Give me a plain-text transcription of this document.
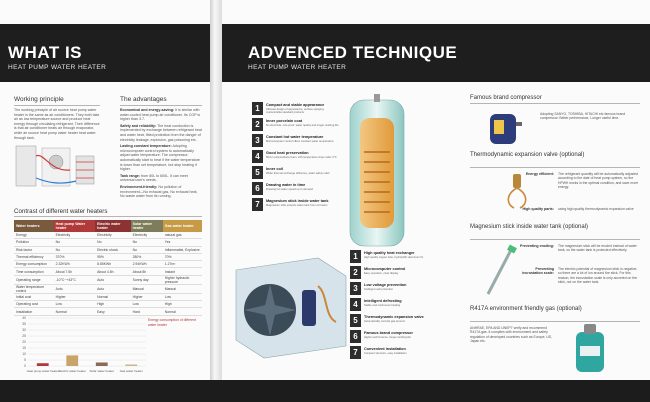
WHAT IS
HEAT PUMP WATER HEATER
Working principle
The working principle of air source heat pump water heater is the same as air conditioners. They both take air as low temperature source and produce heat energy through circulating refrigerant. Their difference is that air conditioner heats air through evaporator, while air source heat pump water heater heat water through tank.
The advantages
Economical and energy-saving: It is similar with water-cooled heat pump air conditioner. Its COP is higher than 3.7.
Safety and reliability: The heat conduction is implemented by exchange between refrigerant heat and water heat, fitted protection from the danger of electricity leakage, explosion, gas poisoning etc.
Lasting constant temperature: Adopting microcomputer control system to automatically adjust water temperature. The compressor automatically start to heat if the water temperature is lower than set temperature, but stop heating if higher.
Tank range: from 80L to 600L. It can meet universal user's needs.
Environment-friendly: No pollution of environment—No exhaust gas, No exhaust heat, No waste water from its running.
Contrast of different water heaters
Water heaters	Heat pump Water heater	Electric water heater	Solar water heater	Gas water heater
Energy	Electricity	Electricity	Electricity	natural gas
Pollution	No	No	No	Yes
Risk factor	No	Electric shock	No	Inflammable, Explosive
Thermal efficiency	370%	95%	280%	70%
Energy consumption	2.32KWh	8.85KWh	2.94KWh	1.27m³
Time consumption	About 7.5h	About 4.5h	About 8h	Instant
Operating range	-10°C~+43°C	Auto	Sunny day	Higher hydraulic pressure
Water temperature control	Auto	Auto	Manual	Manual
Initial cost	Higher	Normal	Higher	Low
Operating cost	Low	High	Low	High
Installation	Normal	Easy	Hard	Normal
40
35
30
25
20
15
10
5
0
Heat pump water heater Electric water heater Solar water heater Gas water heater
Energy consumption of different water heater
ADVENCED TECHNIQUE
HEAT PUMP WATER HEATER
1	Compact and stable appearance
Ultimate design of appearance, surface spraying, customizable standard products
2	Inner porcelain coat
No electrode, rust-proof, water quality and longer working life
3	Constant hot water temperature
Microcomputer control offers constant water temperature
4	Good heat preservation
50mm polyurethane foam, 24h temperature drop under 3°C
5	Inner coil
Wider thermal exchange efficiency, water safety relief
6	Drawing water in time
Drawing hot water speed up to demand
7	Magnesium stick inside water tank
Magnesium stick protects water tank from corrosion
1	High quality heat exchanger
High quality copper tube, hydrophilic aluminum fin
2	Microcomputer control
Easy operation, clear display
3	Low voltage prevention
Intelligent self-protection
4	Intelligent defrosting
Stable and continuous heating
5	Thermodynamic expansion valve
Automatically controls gas amount
6	Famous brand compressor
Higher performance, longer working life
7	Convenient installation
Compact structure, easy installation
Famous brand compressor
Adopting SANYO, TOSHIBA, HITACHI etc famous brand compressor. Better performance, Longer useful time.
Thermodynamic expansion valve (optional)
Energy efficient: The refrigerant quantity will be automatically adjusted according to the date of heat pump system, so the HPWH works in the optimal condition, and save more energy.
High quality parts: using high quality thermodynamic expansion valve
Magnesium stick inside water tank (optional)
Preventing eroding: The magnesium stick will be eroded instead of water tank, so the water tank is protected effectively.
Preventing incrustation scale:
The electric potential of magnesium stick is negative, so there are a lot of ion around the stick. For this reason, the incrustation scale is only accreted on the stick, not on the water tank.
R417A environment friendly gas (optional)
ANHRAE, EPA AND UNEP7 verify and recommend R417A gas. It complies with environment and safety regulation of developed countries such as Europe, US, Japan etc.
